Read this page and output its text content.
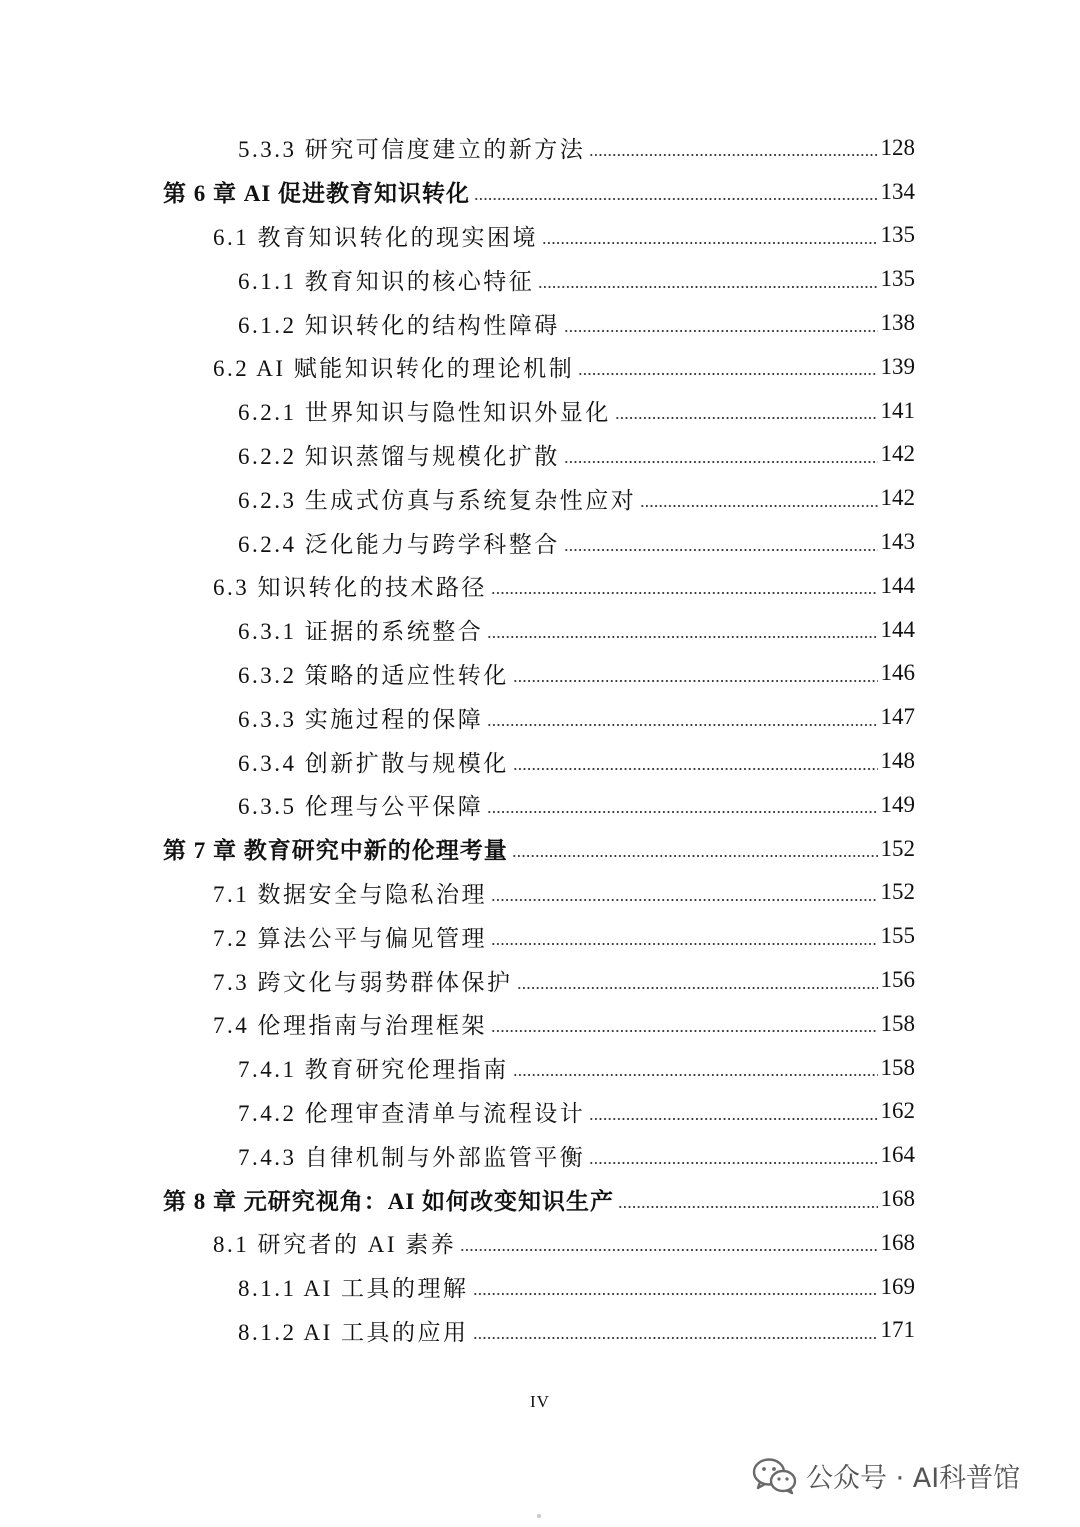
5.3.3 研究可信度建立的新方法	128
第 6 章 AI 促进教育知识转化	134
6.1 教育知识转化的现实困境	135
6.1.1 教育知识的核心特征	135
6.1.2 知识转化的结构性障碍	138
6.2 AI 赋能知识转化的理论机制	139
6.2.1 世界知识与隐性知识外显化	141
6.2.2 知识蒸馏与规模化扩散	142
6.2.3 生成式仿真与系统复杂性应对	142
6.2.4 泛化能力与跨学科整合	143
6.3 知识转化的技术路径	144
6.3.1 证据的系统整合	144
6.3.2 策略的适应性转化	146
6.3.3 实施过程的保障	147
6.3.4 创新扩散与规模化	148
6.3.5 伦理与公平保障	149
第 7 章 教育研究中新的伦理考量	152
7.1 数据安全与隐私治理	152
7.2 算法公平与偏见管理	155
7.3 跨文化与弱势群体保护	156
7.4 伦理指南与治理框架	158
7.4.1 教育研究伦理指南	158
7.4.2 伦理审查清单与流程设计	162
7.4.3 自律机制与外部监管平衡	164
第 8 章 元研究视角：AI 如何改变知识生产	168
8.1 研究者的 AI 素养	168
8.1.1 AI 工具的理解	169
8.1.2 AI 工具的应用	171
IV
公众号 · AI科普馆
